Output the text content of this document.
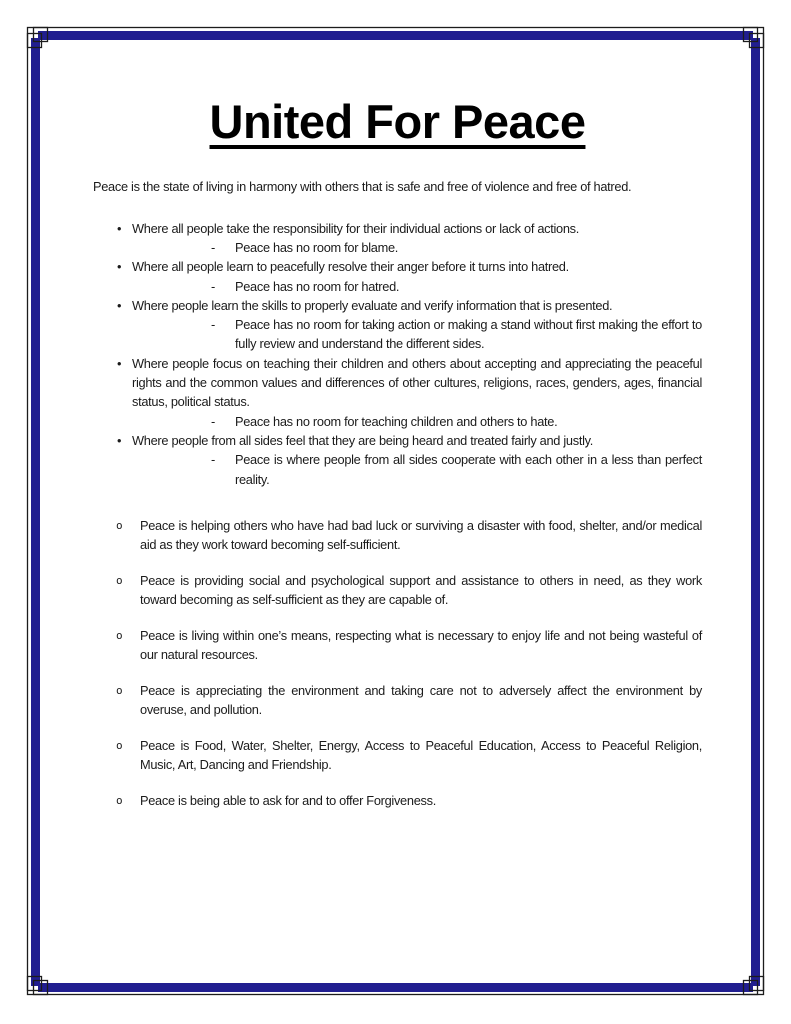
United For Peace

Peace is the state of living in harmony with others that is safe and free of violence and free of hatred.

• Where all people take the responsibility for their individual actions or lack of actions.
- Peace has no room for blame.
• Where all people learn to peacefully resolve their anger before it turns into hatred.
- Peace has no room for hatred.
• Where people learn the skills to properly evaluate and verify information that is presented.
- Peace has no room for taking action or making a stand without first making the effort to fully review and understand the different sides.
• Where people focus on teaching their children and others about accepting and appreciating the peaceful rights and the common values and differences of other cultures, religions, races, genders, ages, financial status, political status.
- Peace has no room for teaching children and others to hate.
• Where people from all sides feel that they are being heard and treated fairly and justly.
- Peace is where people from all sides cooperate with each other in a less than perfect reality.
o Peace is helping others who have had bad luck or surviving a disaster with food, shelter, and/or medical aid as they work toward becoming self-sufficient.
o Peace is providing social and psychological support and assistance to others in need, as they work toward becoming as self-sufficient as they are capable of.
o Peace is living within one’s means, respecting what is necessary to enjoy life and not being wasteful of our natural resources.
o Peace is appreciating the environment and taking care not to adversely affect the environment by overuse, and pollution.
o Peace is Food, Water, Shelter, Energy, Access to Peaceful Education, Access to Peaceful Religion, Music, Art, Dancing and Friendship.
o Peace is being able to ask for and to offer Forgiveness.
